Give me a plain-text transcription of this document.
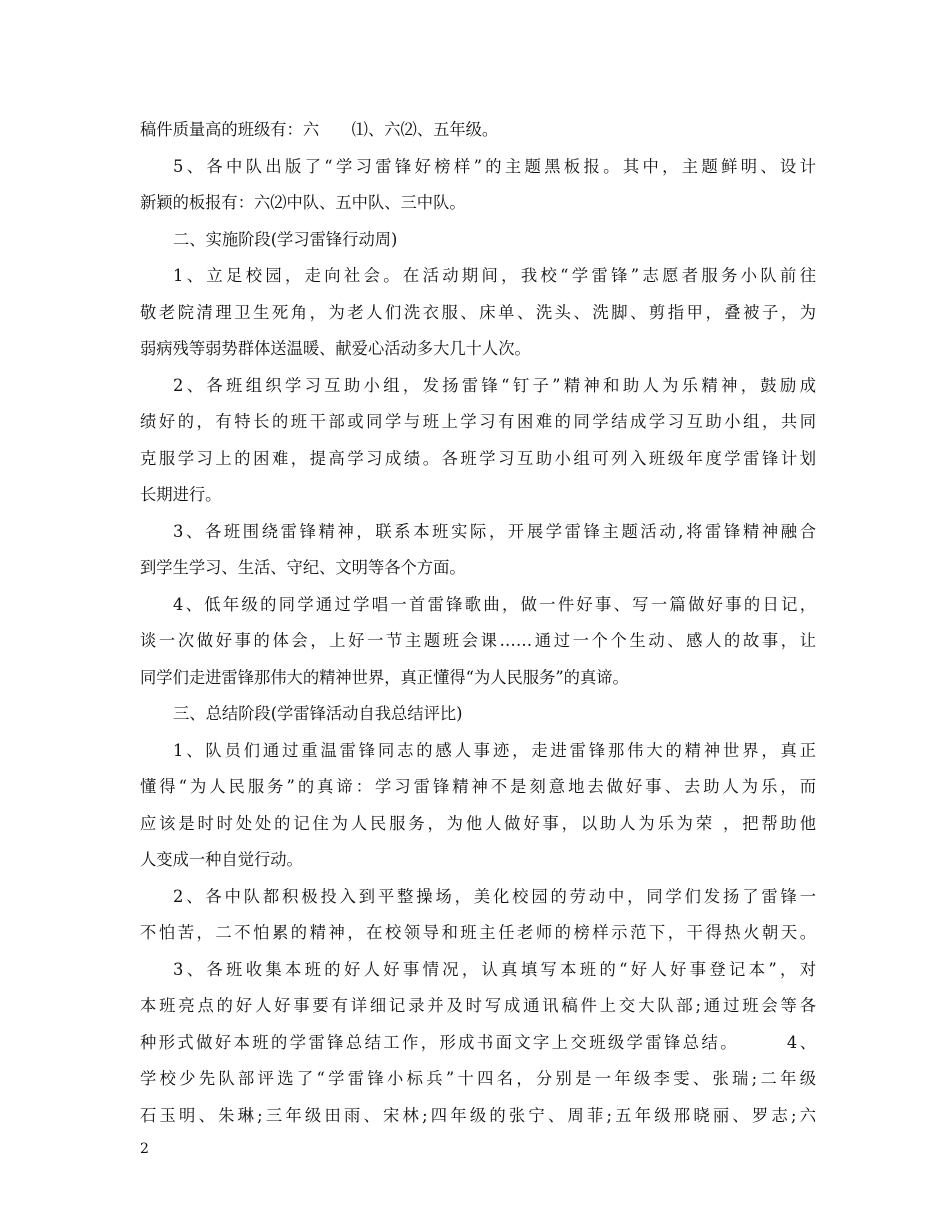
稿件质量高的班级有：六　　⑴、六⑵、五年级。
5、各中队出版了“学习雷锋好榜样”的主题黑板报。其中，主题鲜明、设计
新颖的板报有：六⑵中队、五中队、三中队。
二、实施阶段(学习雷锋行动周)
1、立足校园，走向社会。在活动期间，我校“学雷锋”志愿者服务小队前往
敬老院清理卫生死角，为老人们洗衣服、床单、洗头、洗脚、剪指甲，叠被子，为
弱病残等弱势群体送温暖、献爱心活动多大几十人次。
2、各班组织学习互助小组，发扬雷锋“钉子”精神和助人为乐精神，鼓励成
绩好的，有特长的班干部或同学与班上学习有困难的同学结成学习互助小组，共同
克服学习上的困难，提高学习成绩。各班学习互助小组可列入班级年度学雷锋计划
长期进行。
3、各班围绕雷锋精神，联系本班实际，开展学雷锋主题活动,将雷锋精神融合
到学生学习、生活、守纪、文明等各个方面。
4、低年级的同学通过学唱一首雷锋歌曲，做一件好事、写一篇做好事的日记，
谈一次做好事的体会，上好一节主题班会课……通过一个个生动、感人的故事，让
同学们走进雷锋那伟大的精神世界，真正懂得“为人民服务”的真谛。
三、总结阶段(学雷锋活动自我总结评比)
1、队员们通过重温雷锋同志的感人事迹，走进雷锋那伟大的精神世界，真正
懂得“为人民服务”的真谛：学习雷锋精神不是刻意地去做好事、去助人为乐，而
应该是时时处处的记住为人民服务，为他人做好事，以助人为乐为荣 ，把帮助他
人变成一种自觉行动。
2、各中队都积极投入到平整操场，美化校园的劳动中，同学们发扬了雷锋一
不怕苦，二不怕累的精神，在校领导和班主任老师的榜样示范下，干得热火朝天。
3、各班收集本班的好人好事情况，认真填写本班的“好人好事登记本”，对
本班亮点的好人好事要有详细记录并及时写成通讯稿件上交大队部;通过班会等各
种形式做好本班的学雷锋总结工作，形成书面文字上交班级学雷锋总结。　　　4、
学校少先队部评选了“学雷锋小标兵”十四名，分别是一年级李雯、张瑞;二年级
石玉明、朱琳;三年级田雨、宋林;四年级的张宁、周菲;五年级邢晓丽、罗志;六
2
